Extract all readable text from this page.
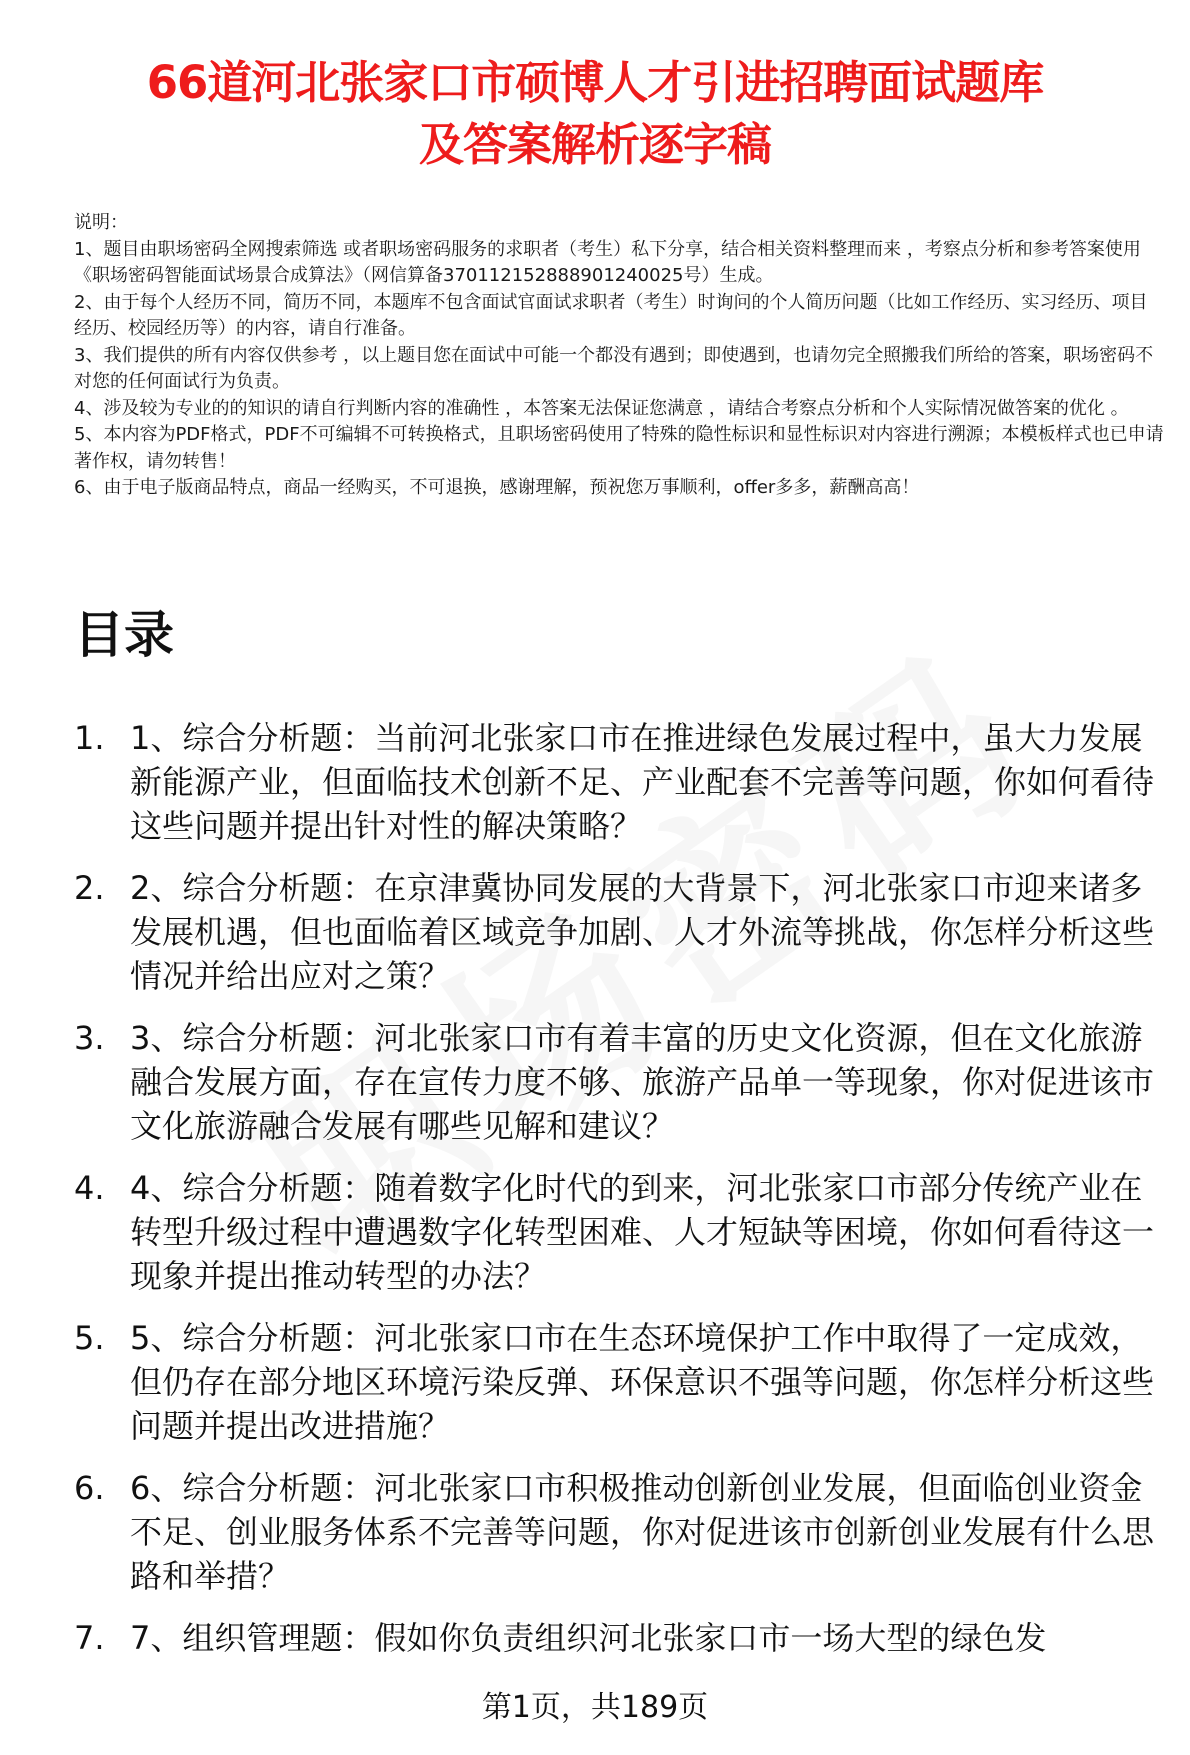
66道河北张家口市硕博人才引进招聘面试题库
及答案解析逐字稿

说明：

1、题目由职场密码全网搜索筛选 或者职场密码服务的求职者（考生）私下分享，结合相关资料整理而来 ，考察点分析和参考答案使用《职场密码智能面试场景合成算法》（网信算备370112152888901240025号）生成。

2、由于每个人经历不同，简历不同，本题库不包含面试官面试求职者（考生）时询问的个人简历问题（比如工作经历、实习经历、项目经历、校园经历等）的内容，请自行准备。

3、我们提供的所有内容仅供参考 ，以上题目您在面试中可能一个都没有遇到；即使遇到，也请勿完全照搬我们所给的答案，职场密码不对您的任何面试行为负责。

4、涉及较为专业的的知识的请自行判断内容的准确性 ，本答案无法保证您满意 ，请结合考察点分析和个人实际情况做答案的优化 。

5、本内容为PDF格式，PDF不可编辑不可转换格式，且职场密码使用了特殊的隐性标识和显性标识对内容进行溯源；本模板样式也已申请著作权，请勿转售！

6、由于电子版商品特点，商品一经购买，不可退换，感谢理解，预祝您万事顺利，offer多多，薪酬高高！

目录
1. 1、综合分析题：当前河北张家口市在推进绿色发展过程中，虽大力发展新能源产业，但面临技术创新不足、产业配套不完善等问题，你如何看待这些问题并提出针对性的解决策略？
2. 2、综合分析题：在京津冀协同发展的大背景下，河北张家口市迎来诸多发展机遇，但也面临着区域竞争加剧、人才外流等挑战，你怎样分析这些情况并给出应对之策？
3. 3、综合分析题：河北张家口市有着丰富的历史文化资源，但在文化旅游融合发展方面，存在宣传力度不够、旅游产品单一等现象，你对促进该市文化旅游融合发展有哪些见解和建议？
4. 4、综合分析题：随着数字化时代的到来，河北张家口市部分传统产业在转型升级过程中遭遇数字化转型困难、人才短缺等困境，你如何看待这一现象并提出推动转型的办法？
5. 5、综合分析题：河北张家口市在生态环境保护工作中取得了一定成效，但仍存在部分地区环境污染反弹、环保意识不强等问题，你怎样分析这些问题并提出改进措施？
6. 6、综合分析题：河北张家口市积极推动创新创业发展，但面临创业资金不足、创业服务体系不完善等问题，你对促进该市创新创业发展有什么思路和举措？
7. 7、组织管理题：假如你负责组织河北张家口市一场大型的绿色发
第1页，共189页
